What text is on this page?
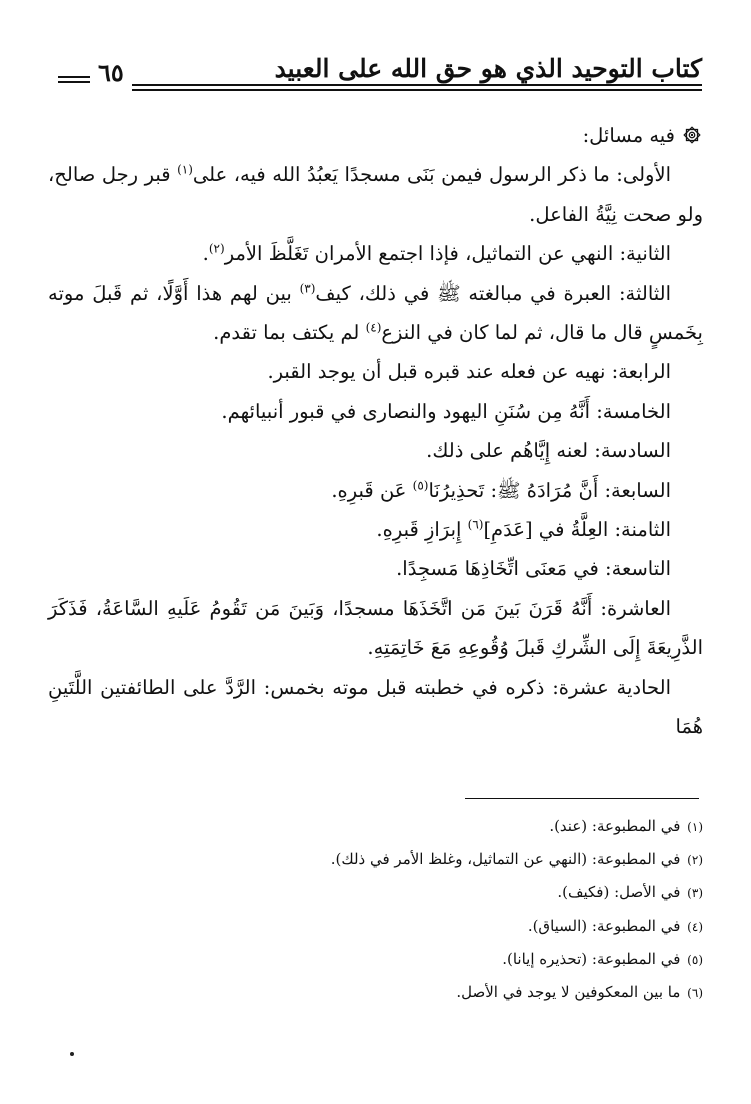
٦٥	كتاب التوحيد الذي هو حق الله على العبيد

فيه مسائل:

الأولى: ما ذكر الرسول فيمن بَنَى مسجدًا يَعبُدُ الله فيه، على$^{(١)}$ قبر رجل صالح، ولو صحت نِيَّةُ الفاعل.

الثانية: النهي عن التماثيل، فإذا اجتمع الأمران تَغَلَّظَ الأمر$^{(٢)}$.

الثالثة: العبرة في مبالغته ﷺ في ذلك، كيف$^{(٣)}$ بين لهم هذا أَوَّلًا، ثم قَبلَ موته بِخَمسٍ قال ما قال، ثم لما كان في النزع$^{(٤)}$ لم يكتف بما تقدم.

الرابعة: نهيه عن فعله عند قبره قبل أن يوجد القبر.

الخامسة: أَنَّهُ مِن سُنَنِ اليهود والنصارى في قبور أنبيائهم.

السادسة: لعنه إِيَّاهُم على ذلك.

السابعة: أَنَّ مُرَادَهُ ﷺ: تَحذِيرُنَا$^{(٥)}$ عَن قَبرِهِ.

الثامنة: العِلَّةُ في [عَدَمِ]$^{(٦)}$ إِبرَازِ قَبرِهِ.

التاسعة: في مَعنَى اتِّخَاذِهَا مَسجِدًا.

العاشرة: أَنَّهُ قَرَنَ بَينَ مَن اتَّخَذَهَا مسجدًا، وَبَينَ مَن تَقُومُ عَلَيهِ السَّاعَةُ، فَذَكَرَ الذَّرِيعَةَ إِلَى الشِّركِ قَبلَ وُقُوعِهِ مَعَ خَاتِمَتِهِ.

الحادية عشرة: ذكره في خطبته قبل موته بخمس: الرَّدَّ على الطائفتين اللَّتَينِ هُمَا

(١) في المطبوعة: (عند).

(٢) في المطبوعة: (النهي عن التماثيل، وغلظ الأمر في ذلك).

(٣) في الأصل: (فكيف).

(٤) في المطبوعة: (السياق).

(٥) في المطبوعة: (تحذيره إيانا).

(٦) ما بين المعكوفين لا يوجد في الأصل.
